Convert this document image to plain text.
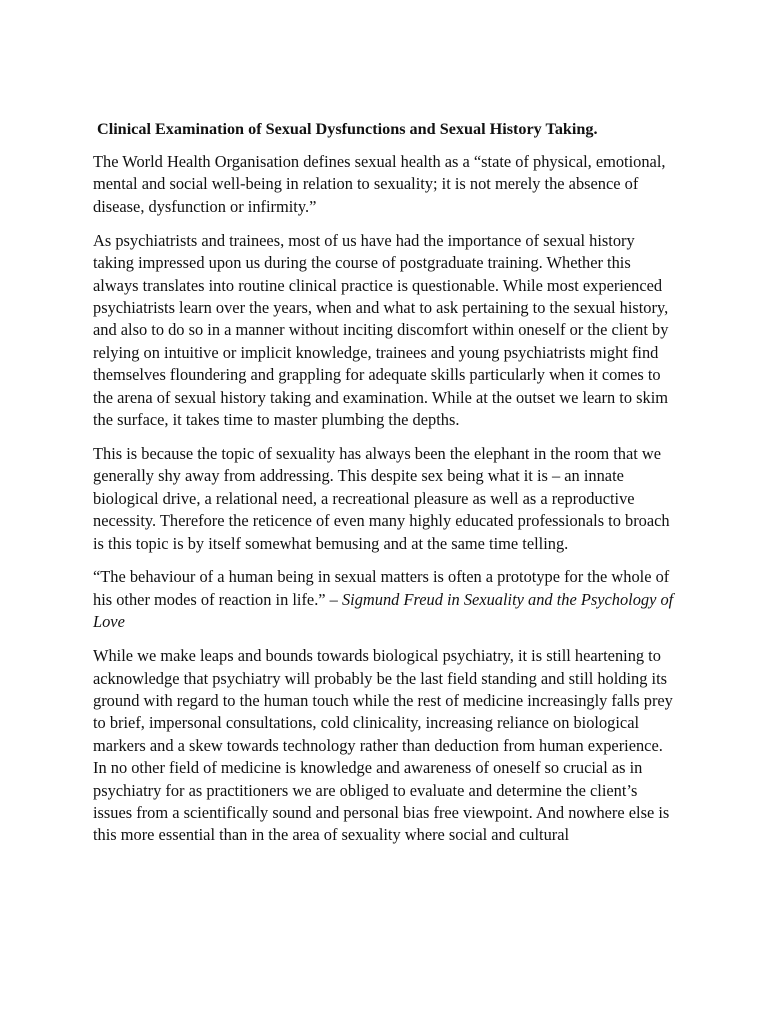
Clinical Examination of Sexual Dysfunctions and Sexual History Taking.

The World Health Organisation defines sexual health as a “state of physical, emotional, mental and social well-being in relation to sexuality; it is not merely the absence of disease, dysfunction or infirmity.”

As psychiatrists and trainees, most of us have had the importance of sexual history taking impressed upon us during the course of postgraduate training. Whether this always translates into routine clinical practice is questionable. While most experienced psychiatrists learn over the years, when and what to ask pertaining to the sexual history, and also to do so in a manner without inciting discomfort within oneself or the client by relying on intuitive or implicit knowledge, trainees and young psychiatrists might find themselves floundering and grappling for adequate skills particularly when it comes to the arena of sexual history taking and examination. While at the outset we learn to skim the surface, it takes time to master plumbing the depths.

This is because the topic of sexuality has always been the elephant in the room that we generally shy away from addressing. This despite sex being what it is – an innate biological drive, a relational need, a recreational pleasure as well as a reproductive necessity. Therefore the reticence of even many highly educated professionals to broach is this topic is by itself somewhat bemusing and at the same time telling.

“The behaviour of a human being in sexual matters is often a prototype for the whole of his other modes of reaction in life.” – Sigmund Freud in Sexuality and the Psychology of Love

While we make leaps and bounds towards biological psychiatry, it is still heartening to acknowledge that psychiatry will probably be the last field standing and still holding its ground with regard to the human touch while the rest of medicine increasingly falls prey to brief, impersonal consultations, cold clinicality, increasing reliance on biological markers and a skew towards technology rather than deduction from human experience. In no other field of medicine is knowledge and awareness of oneself so crucial as in psychiatry for as practitioners we are obliged to evaluate and determine the client’s issues from a scientifically sound and personal bias free viewpoint. And nowhere else is this more essential than in the area of sexuality where social and cultural
